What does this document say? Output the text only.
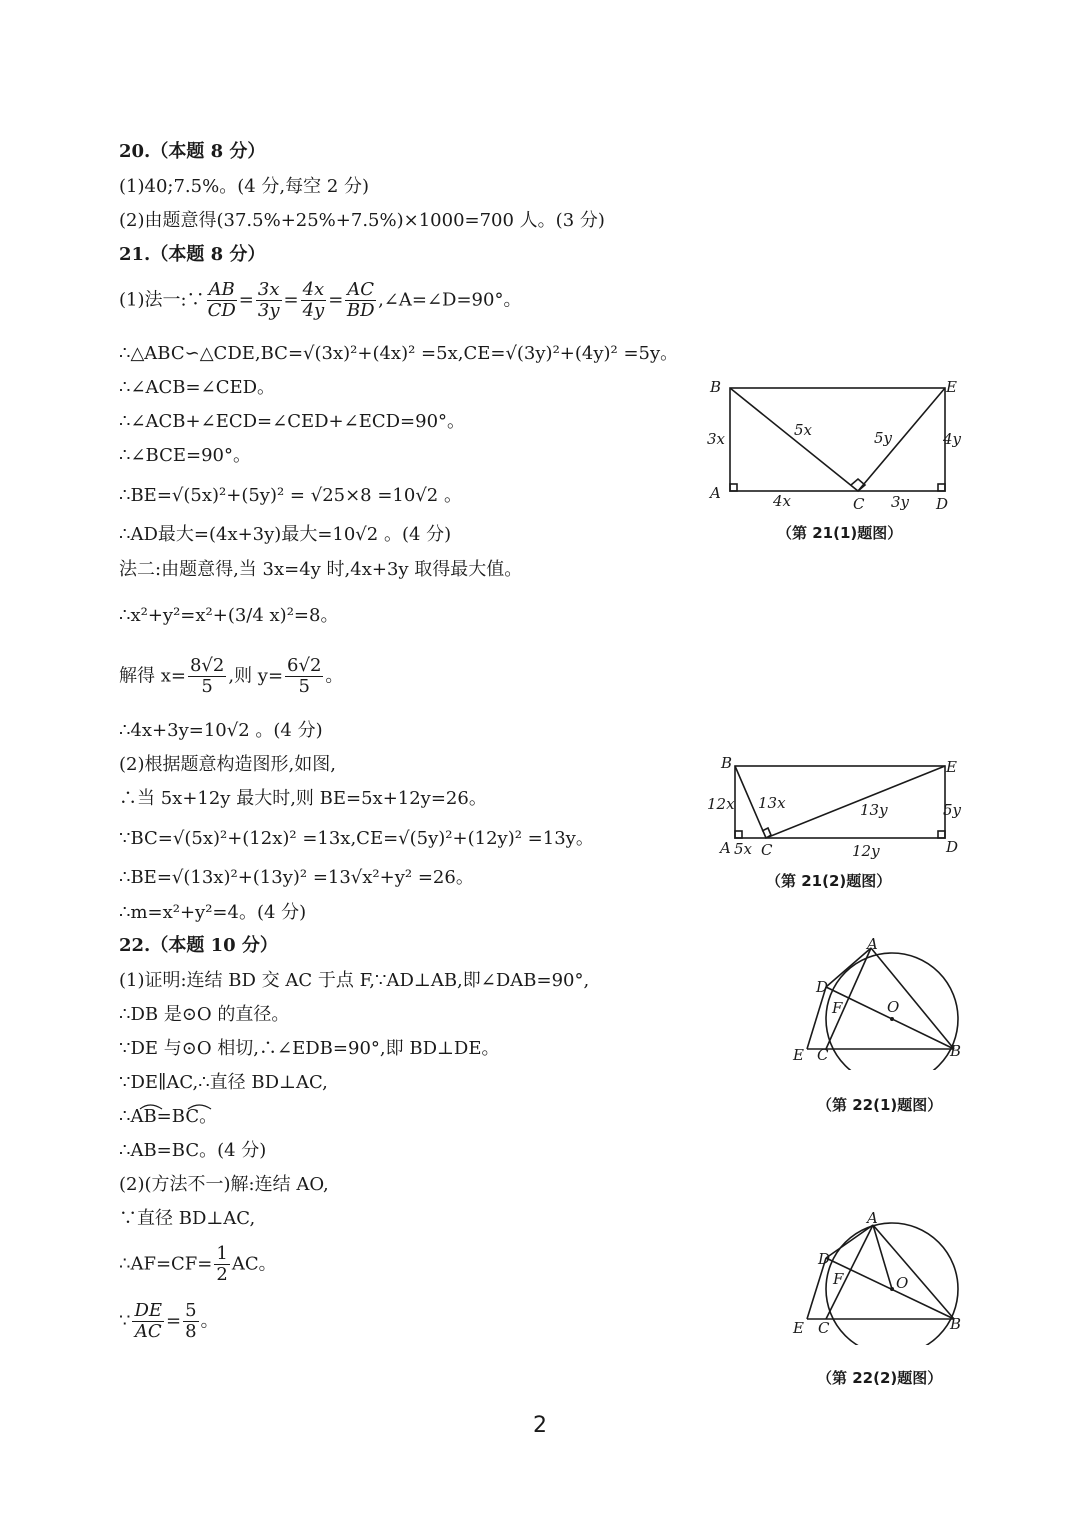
20.（本题 8 分）
(1)40;7.5%。(4 分,每空 2 分)
(2)由题意得(37.5%+25%+7.5%)×1000=700 人。(3 分)
21.（本题 8 分）
(1)法一:∵ $\frac{AB}{CD} = \frac{3x}{3y} = \frac{4x}{4y} = \frac{AC}{BD}$ ,∠A=∠D=90°。
∴△ABC∽△CDE,BC=√(3x)²+(4x)² =5x,CE=√(3y)²+(4y)² =5y。
∴∠ACB=∠CED。
∴∠ACB+∠ECD=∠CED+∠ECD=90°。
∴∠BCE=90°。
∴BE=√(5x)²+(5y)² = √25×8 =10√2 。
∴AD最大=(4x+3y)最大=10√2 。(4 分)
法二:由题意得,当 3x=4y 时,4x+3y 取得最大值。
∴x²+y²=x²+(3/4 x)²=8。
解得 $x= \frac{8√2}{5}$ ,则 $y= \frac{6√2}{5}$ 。
∴4x+3y=10√2 。(4 分)
(2)根据题意构造图形,如图,
∴当 5x+12y 最大时,则 BE=5x+12y=26。
∵BC=√(5x)²+(12x)² =13x,CE=√(5y)²+(12y)² =13y。
∴BE=√(13x)²+(13y)² =13√x²+y² =26。
∴m=x²+y²=4。(4 分)
B	E
A
C	D
3x	5x	5y	4y
4x	3y
（第 21(1)题图）
B	E
A C	D
12x 13x	13y	5y
5x	12y
（第 21(2)题图）
22.（本题 10 分）
(1)证明:连结 BD 交 AC 于点 F,∵AD⊥AB,即∠DAB=90°,
∴DB 是⊙O 的直径。
∵DE 与⊙O 相切,∴∠EDB=90°,即 BD⊥DE。
∵DE∥AC,∴直径 BD⊥AC,
∴AB=BC。
∴AB=BC。(4 分)
(2)(方法不一)解:连结 AO,
∵直径 BD⊥AC,
∴AF=CF= $\frac{1}{2}$ AC。
∵ $\frac{DE}{AC} = \frac{5}{8}$ 。
A
D
F	O
E C	B
（第 22(1)题图）
A
D
F	O
E C	B
（第 22(2)题图）
2
